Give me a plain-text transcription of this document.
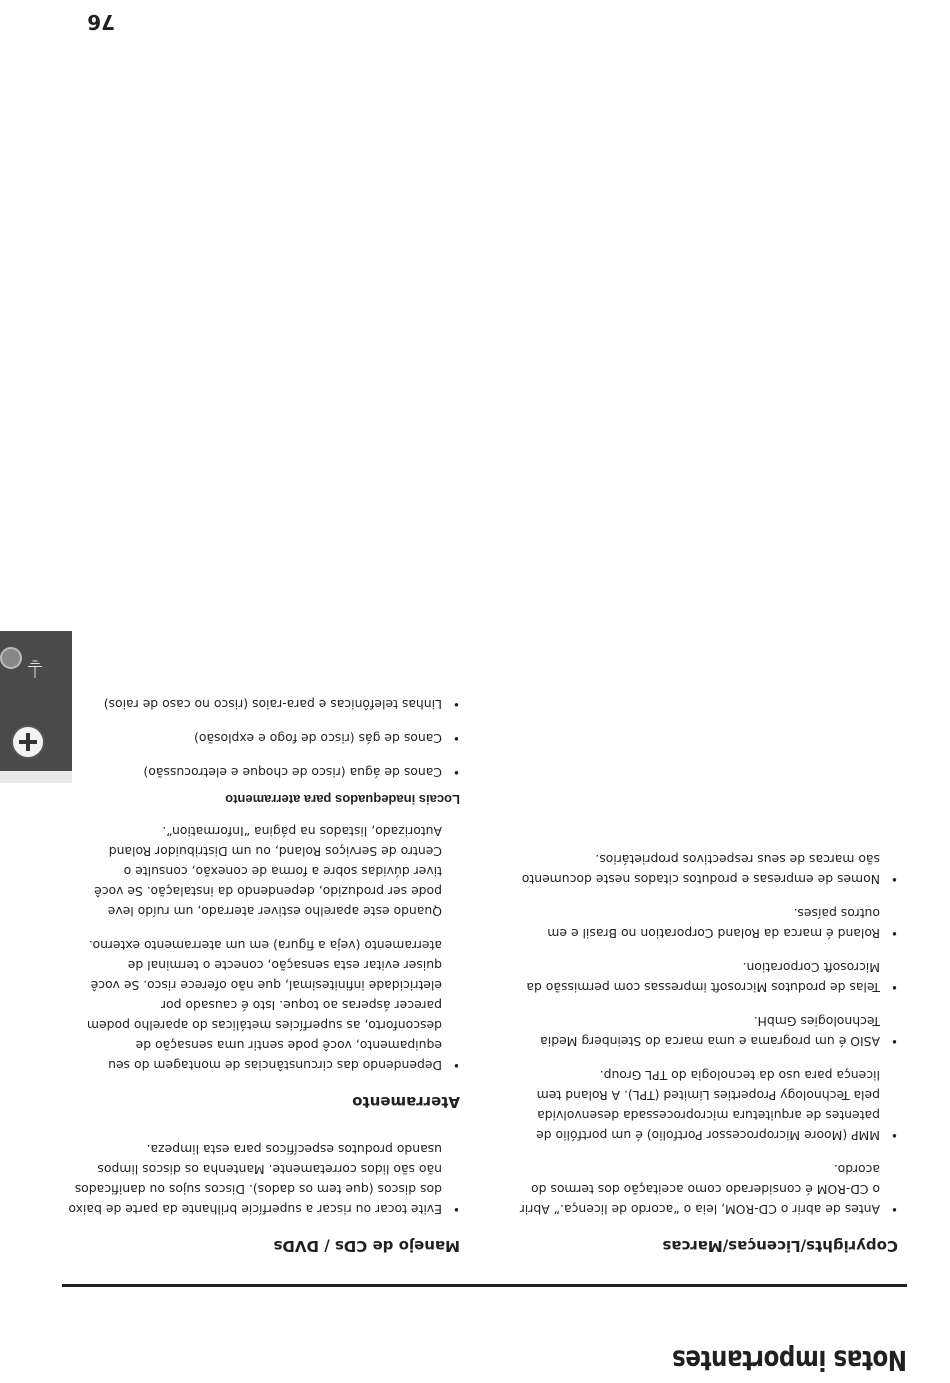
Notas importantes
Copyrights/Licenças/Marcas
• Antes de abrir o CD-ROM, leia o “acordo de licença.” Abrir o CD-ROM é considerado como aceitação dos termos do acordo.
• MMP (Moore Microprocessor Portfolio) é um portfólio de patentes de arquitetura microprocessada desenvolvida pela Technology Properties Limited (TPL). A Roland tem licença para uso da tecnologia do TPL Group.
• ASIO é um programa e uma marca do Steinberg Media Technologies GmbH.
• Telas de produtos Microsoft impressas com permissão da Microsoft Corporation.
• Roland é marca da Roland Corporation no Brasil e em outros países.
• Nomes de empresas e produtos citados neste documento são marcas de seus respectivos proprietários.
Manejo de CDs / DVDs
• Evite tocar ou riscar a superfície brilhante da parte de baixo dos discos (que tem os dados). Discos sujos ou danificados não são lidos corretamente. Mantenha os discos limpos usando produtos específicos para esta limpeza.
Aterramento
• Dependendo das circunstâncias de montagem do seu equipamento, você pode sentir uma sensação de desconforto, as superfícies metálicas do aparelho podem parecer ásperas ao toque. Isto é causado por eletricidade infinitesimal, que não oferece risco. Se você quiser evitar esta sensação, conecte o terminal de aterramento (veja a figura) em um aterramento externo.

Quando este aparelho estiver aterrado, um ruído leve pode ser produzido, dependendo da instalação. Se você tiver dúvidas sobre a forma de conexão, consulte o Centro de Serviços Roland, ou um Distribuidor Roland Autorizado, listados na página “Information”.

Locais inadequados para aterramento
• Canos de água (risco de choque e eletrocussão)
• Canos de gás (risco de fogo e explosão)
• Linhas telefônicas e para-raios (risco no caso de raios)
⏚
76
